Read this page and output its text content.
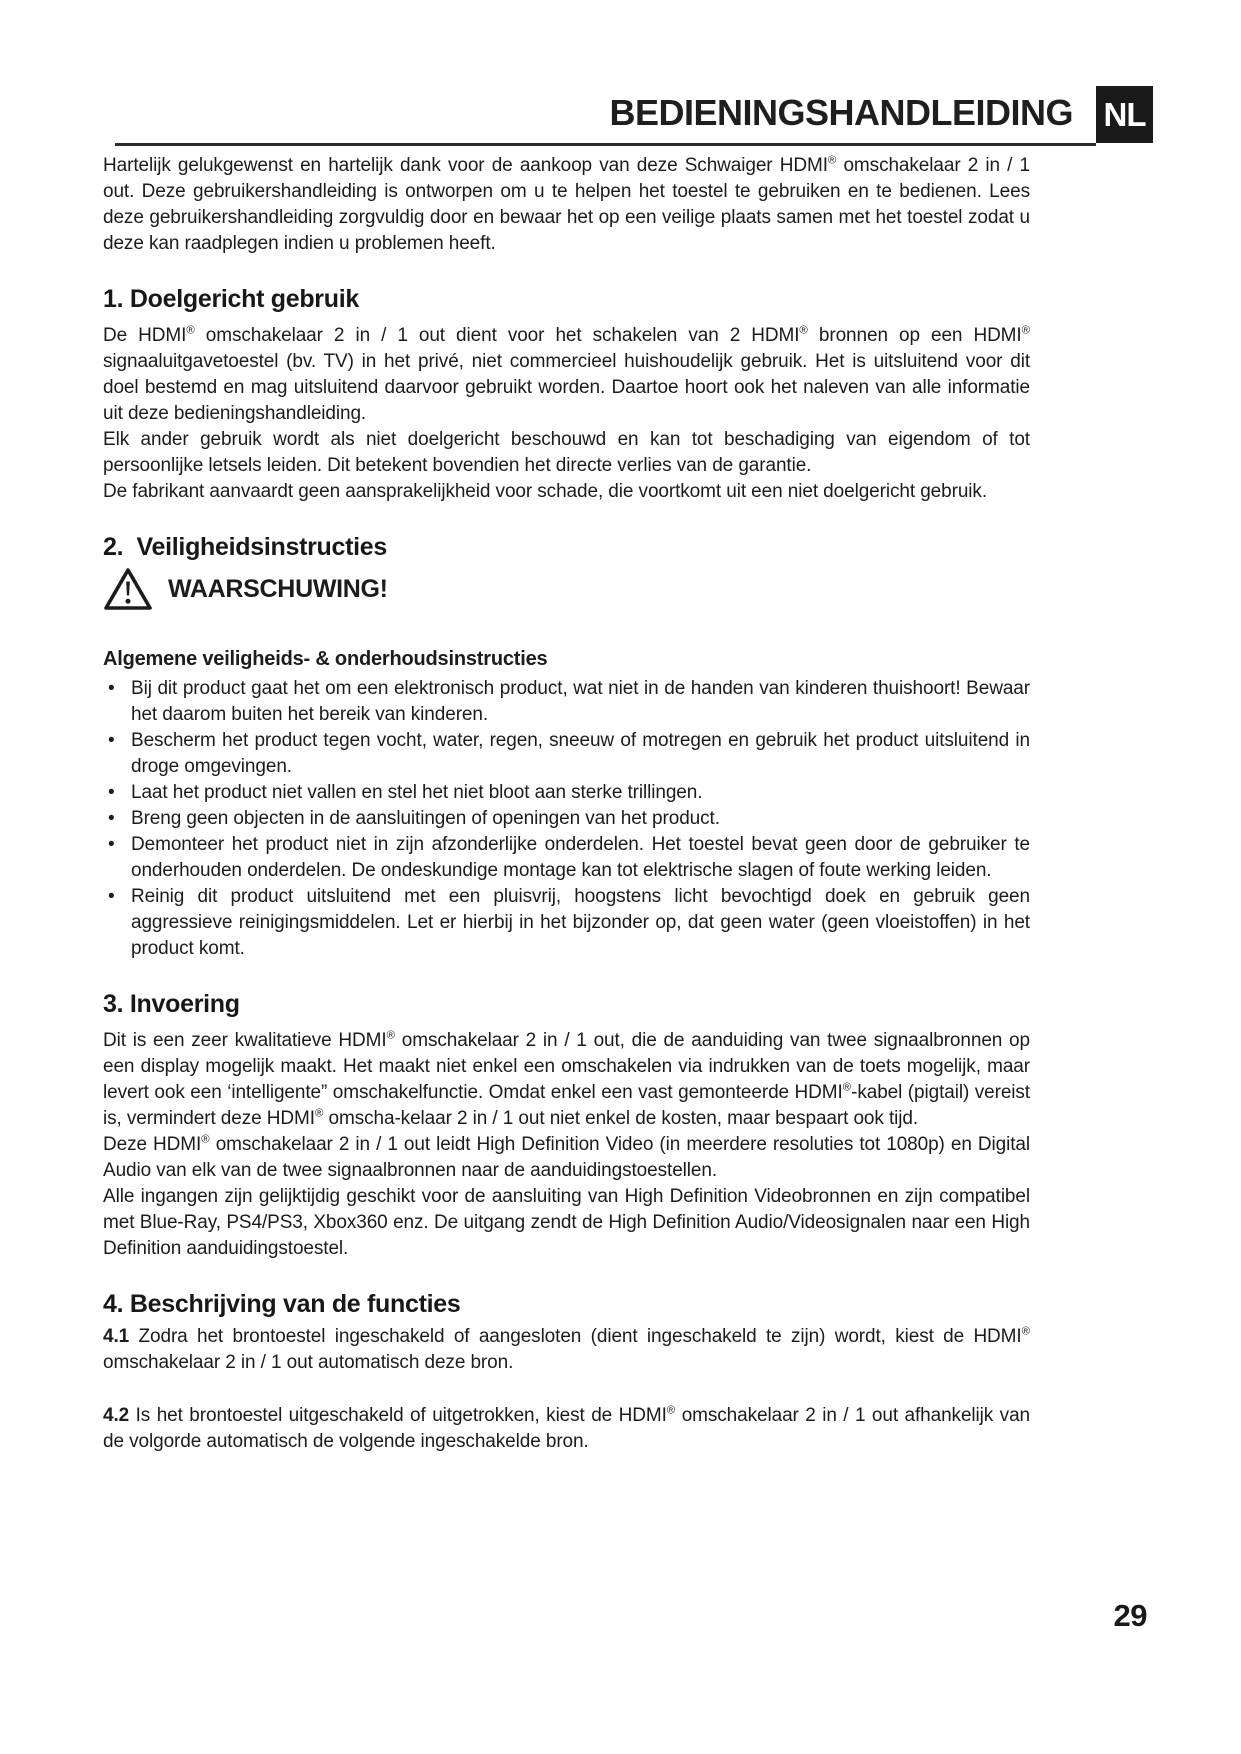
BEDIENINGSHANDLEIDING NL

Hartelijk gelukgewenst en hartelijk dank voor de aankoop van deze Schwaiger HDMI® omschakelaar 2 in / 1 out. Deze gebruikershandleiding is ontworpen om u te helpen het toestel te gebruiken en te bedienen. Lees deze gebruikershandleiding zorgvuldig door en bewaar het op een veilige plaats samen met het toestel zodat u deze kan raadplegen indien u problemen heeft.

1. Doelgericht gebruik

De HDMI® omschakelaar 2 in / 1 out dient voor het schakelen van 2 HDMI® bronnen op een HDMI® signaaluitgavetoestel (bv. TV) in het privé, niet commercieel huishoudelijk gebruik. Het is uitsluitend voor dit doel bestemd en mag uitsluitend daarvoor gebruikt worden. Daartoe hoort ook het naleven van alle informatie uit deze bedieningshandleiding.

Elk ander gebruik wordt als niet doelgericht beschouwd en kan tot beschadiging van eigendom of tot persoonlijke letsels leiden. Dit betekent bovendien het directe verlies van de garantie.

De fabrikant aanvaardt geen aansprakelijkheid voor schade, die voortkomt uit een niet doelgericht gebruik.

2.  Veiligheidsinstructies
WAARSCHUWING!
Algemene veiligheids- & onderhoudsinstructies
• Bij dit product gaat het om een elektronisch product, wat niet in de handen van kinderen thuishoort! Bewaar het daarom buiten het bereik van kinderen.
• Bescherm het product tegen vocht, water, regen, sneeuw of motregen en gebruik het product uitsluitend in droge omgevingen.
• Laat het product niet vallen en stel het niet bloot aan sterke trillingen.
• Breng geen objecten in de aansluitingen of openingen van het product.
• Demonteer het product niet in zijn afzonderlijke onderdelen. Het toestel bevat geen door de gebruiker te onderhouden onderdelen. De ondeskundige montage kan tot elektrische slagen of foute werking leiden.
• Reinig dit product uitsluitend met een pluisvrij, hoogstens licht bevochtigd doek en gebruik geen aggressieve reinigingsmiddelen. Let er hierbij in het bijzonder op, dat geen water (geen vloeistoffen) in het product komt.
3. Invoering

Dit is een zeer kwalitatieve HDMI® omschakelaar 2 in / 1 out, die de aanduiding van twee signaalbronnen op een display mogelijk maakt. Het maakt niet enkel een omschakelen via indrukken van de toets mogelijk, maar levert ook een ‘intelligente” omschakelfunctie. Omdat enkel een vast gemonteerde HDMI®-kabel (pigtail) vereist is, vermindert deze HDMI® omscha-kelaar 2 in / 1 out niet enkel de kosten, maar bespaart ook tijd.

Deze HDMI® omschakelaar 2 in / 1 out leidt High Definition Video (in meerdere resoluties tot 1080p) en Digital Audio van elk van de twee signaalbronnen naar de aanduidingstoestellen.

Alle ingangen zijn gelijktijdig geschikt voor de aansluiting van High Definition Videobronnen en zijn compatibel met Blue-Ray, PS4/PS3, Xbox360 enz. De uitgang zendt de High Definition Audio/Videosignalen naar een High Definition aanduidingstoestel.

4. Beschrijving van de functies

4.1 Zodra het brontoestel ingeschakeld of aangesloten (dient ingeschakeld te zijn) wordt, kiest de HDMI® omschakelaar 2 in / 1 out automatisch deze bron.

4.2 Is het brontoestel uitgeschakeld of uitgetrokken, kiest de HDMI® omschakelaar 2 in / 1 out afhankelijk van de volgorde automatisch de volgende ingeschakelde bron.

29
